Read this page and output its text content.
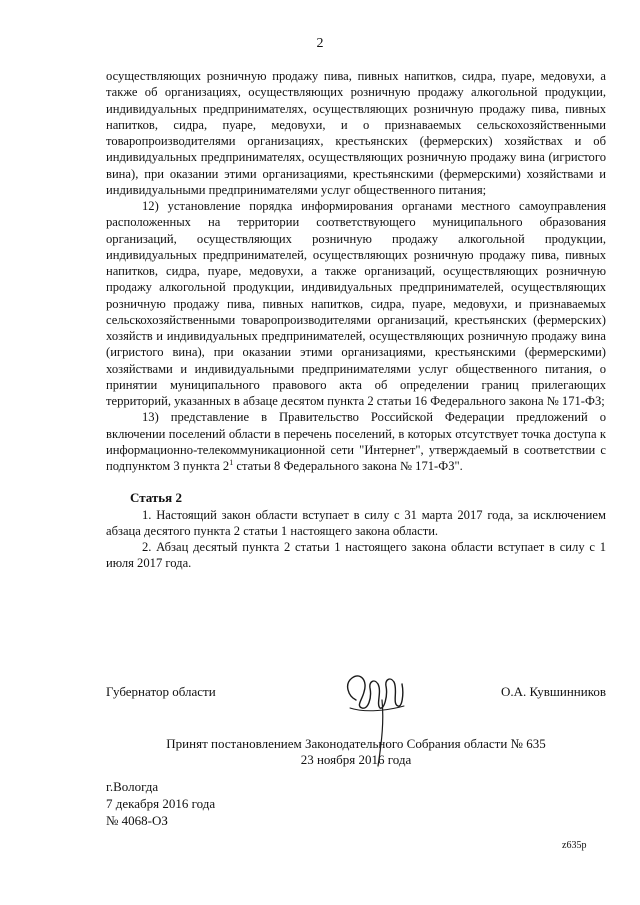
2

осуществляющих розничную продажу пива, пивных напитков, сидра, пуаре, медовухи, а также об организациях, осуществляющих розничную продажу алкогольной продукции, индивидуальных предпринимателях, осуществляющих розничную продажу пива, пивных напитков, сидра, пуаре, медовухи, и о признаваемых сельскохозяйственными товаропроизводителями организациях, крестьянских (фермерских) хозяйствах и об индивидуальных предпринимателях, осуществляющих розничную продажу вина (игристого вина), при оказании этими организациями, крестьянскими (фермерскими) хозяйствами и индивидуальными предпринимателями услуг общественного питания;

12) установление порядка информирования органами местного самоуправления расположенных на территории соответствующего муниципального образования организаций, осуществляющих розничную продажу алкогольной продукции, индивидуальных предпринимателей, осуществляющих розничную продажу пива, пивных напитков, сидра, пуаре, медовухи, а также организаций, осуществляющих розничную продажу алкогольной продукции, индивидуальных предпринимателей, осуществляющих розничную продажу пива, пивных напитков, сидра, пуаре, медовухи, и признаваемых сельскохозяйственными товаропроизводителями организаций, крестьянских (фермерских) хозяйств и индивидуальных предпринимателей, осуществляющих розничную продажу вина (игристого вина), при оказании этими организациями, крестьянскими (фермерскими) хозяйствами и индивидуальными предпринимателями услуг общественного питания, о принятии муниципального правового акта об определении границ прилегающих территорий, указанных в абзаце десятом пункта 2 статьи 16 Федерального закона № 171-ФЗ;

13) представление в Правительство Российской Федерации предложений о включении поселений области в перечень поселений, в которых отсутствует точка доступа к информационно-телекоммуникационной сети "Интернет", утверждаемый в соответствии с подпунктом 3 пункта $2^1$ статьи 8 Федерального закона № 171-ФЗ".

Статья 2

1. Настоящий закон области вступает в силу с 31 марта 2017 года, за исключением абзаца десятого пункта 2 статьи 1 настоящего закона области.

2. Абзац десятый пункта 2 статьи 1 настоящего закона области вступает в силу с 1 июля 2017 года.

Губернатор области	О.А. Кувшинников
Принят постановлением Законодательного Собрания области № 635
23 ноября 2016 года
г.Вологда
7 декабря 2016 года
№ 4068-ОЗ
z635p
